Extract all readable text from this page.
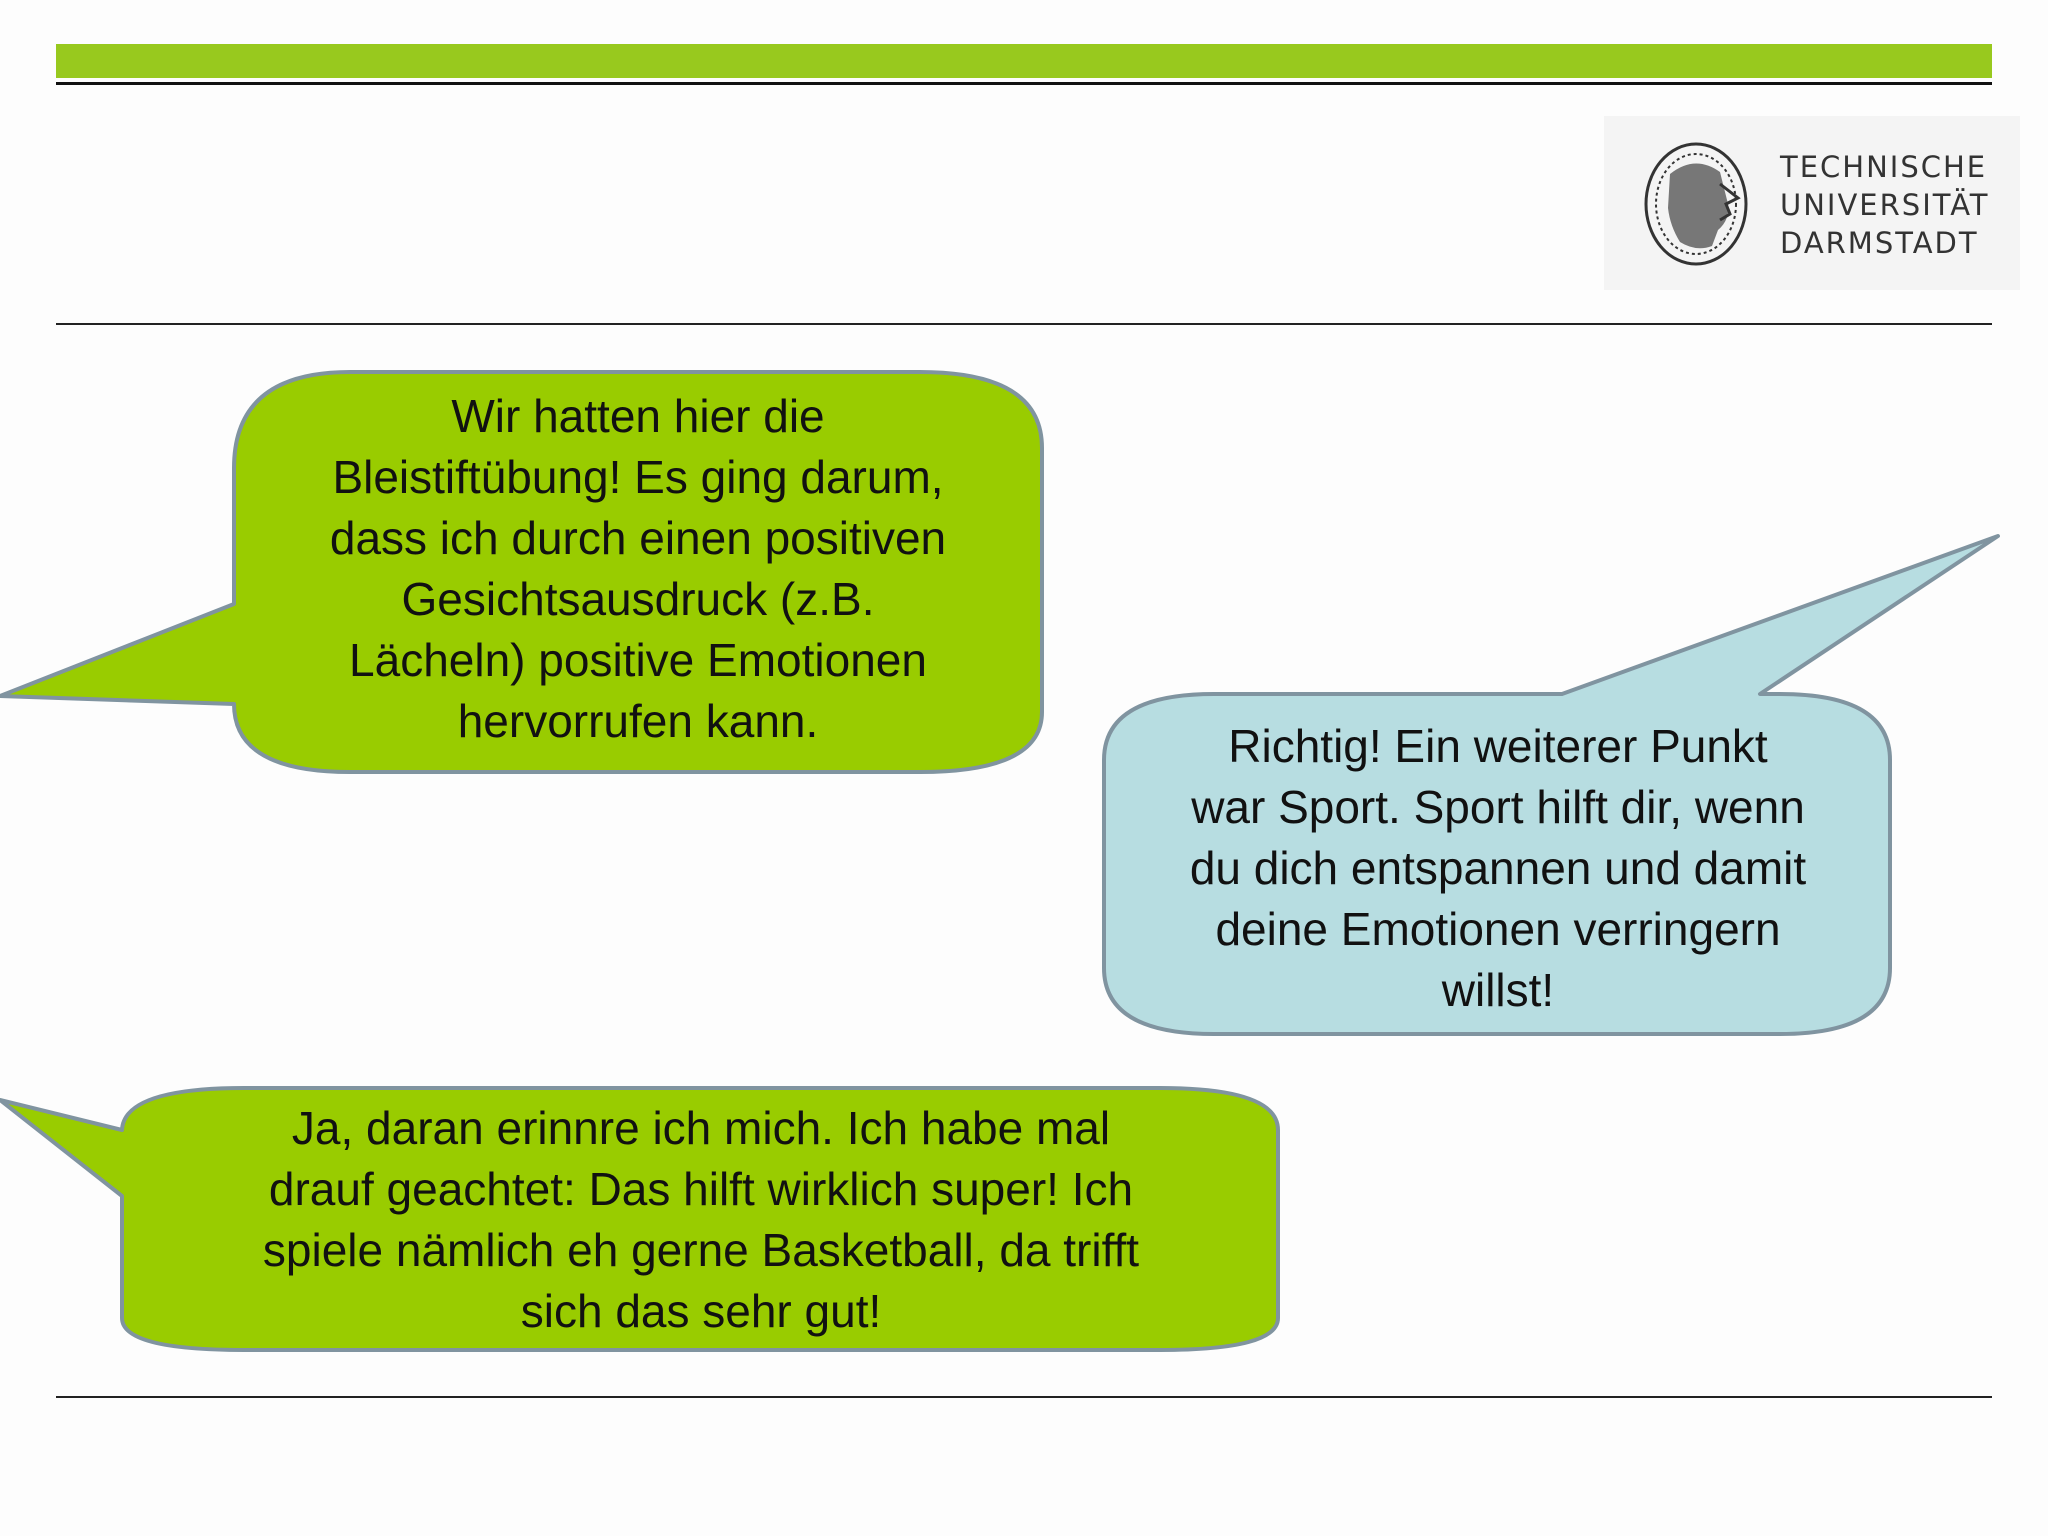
TECHNISCHE
UNIVERSITÄT
DARMSTADT
Wir hatten hier die
Bleistiftübung! Es ging darum,
dass ich durch einen positiven
Gesichtsausdruck (z.B.
Lächeln) positive Emotionen
hervorrufen kann.	Richtig! Ein weiterer Punkt
war Sport. Sport hilft dir, wenn
du dich entspannen und damit
deine Emotionen verringern
willst!
Ja, daran erinnre ich mich. Ich habe mal
drauf geachtet: Das hilft wirklich super! Ich
spiele nämlich eh gerne Basketball, da trifft
sich das sehr gut!
